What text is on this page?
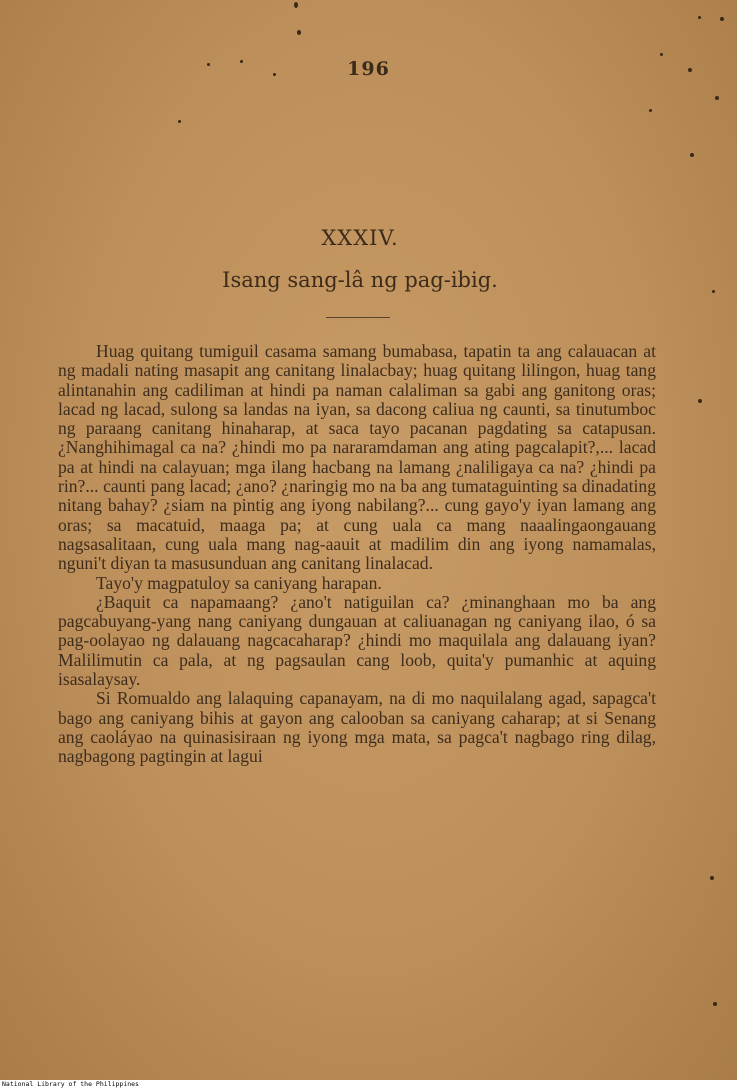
196
XXXIV.
Isang sang-lâ ng pag-ibig.

Huag quitang tumiguil casama samang bumabasa, tapatin ta ang calauacan at ng madali nating masapit ang canitang linalacbay; huag quitang lilingon, huag tang alintanahin ang cadiliman at hindi pa naman calaliman sa gabi ang ganitong oras; lacad ng lacad, sulong sa landas na iyan, sa dacong caliua ng caunti, sa tinutumboc ng paraang canitang hinaharap, at saca tayo pacanan pagdating sa catapusan. ¿Nanghihimagal ca na? ¿hindi mo pa nararamdaman ang ating pagcalapit?,... lacad pa at hindi na calayuan; mga ilang hacbang na lamang ¿naliligaya ca na? ¿hindi pa rin?... caunti pang lacad; ¿ano? ¿naringig mo na ba ang tumataguinting sa dinadating nitang bahay? ¿siam na pintig ang iyong nabilang?... cung gayo'y iyan lamang ang oras; sa macatuid, maaga pa; at cung uala ca mang naaalingaongauang nagsasalitaan, cung uala mang nag-aauit at madilim din ang iyong namamalas, nguni't diyan ta masusunduan ang canitang linalacad.

Tayo'y magpatuloy sa caniyang harapan.

¿Baquit ca napamaang? ¿ano't natiguilan ca? ¿minanghaan mo ba ang pagcabuyang-yang nang caniyang dungauan at caliuanagan ng caniyang ilao, ó sa pag-oolayao ng dalauang nagcacaharap? ¿hindi mo maquilala ang dalauang iyan? Malilimutin ca pala, at ng pagsaulan cang loob, quita'y pumanhic at aquing isasalaysay.

Si Romualdo ang lalaquing capanayam, na di mo naquilalang agad, sapagca't bago ang caniyang bihis at gayon ang calooban sa caniyang caharap; at si Senang ang caoláyao na quinasisiraan ng iyong mga mata, sa pagca't nagbago ring dilag, nagbagong pagtingin at lagui

National Library of the Philippines
